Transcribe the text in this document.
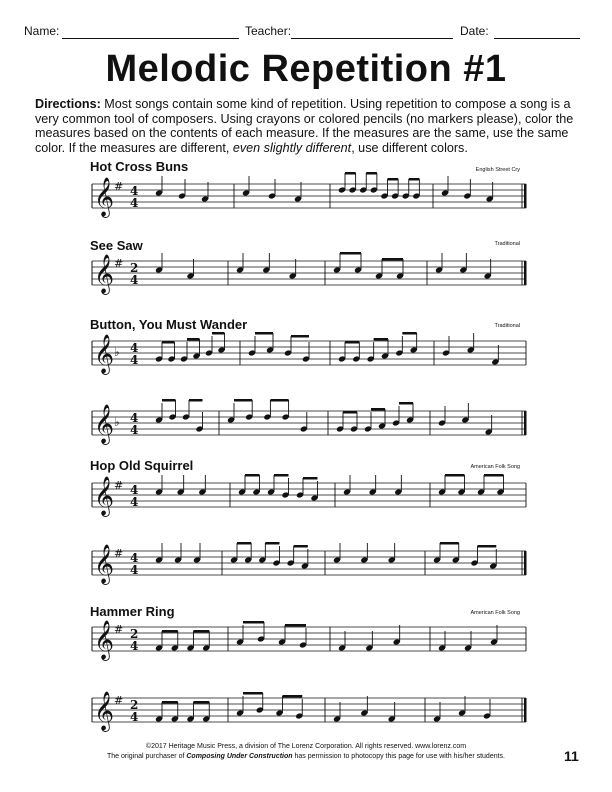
Name:	Teacher:	Date:
Melodic Repetition #1
Directions: Most songs contain some kind of repetition. Using repetition to compose a song is a very common tool of composers. Using crayons or colored pencils (no markers please), color the measures based on the contents of each measure. If the measures are the same, use the same color. If the measures are different, even slightly different, use different colors.
Hot Cross Buns	English Street Cry
See Saw	Traditional
Button, You Must Wander	Traditional
Hop Old Squirrel	American Folk Song
Hammer Ring	American Folk Song
𝄞 # 4
4
𝄞 # 2
4
𝄞 ♭ 4
4
𝄞 ♭ 4
4
𝄞 # 4
4
𝄞 # 4
4
𝄞 # 2
4
𝄞 # 2
4
©2017 Heritage Music Press, a division of The Lorenz Corporation. All rights reserved. www.lorenz.com
The original purchaser of Composing Under Construction has permission to photocopy this page for use with his/her students.	11
